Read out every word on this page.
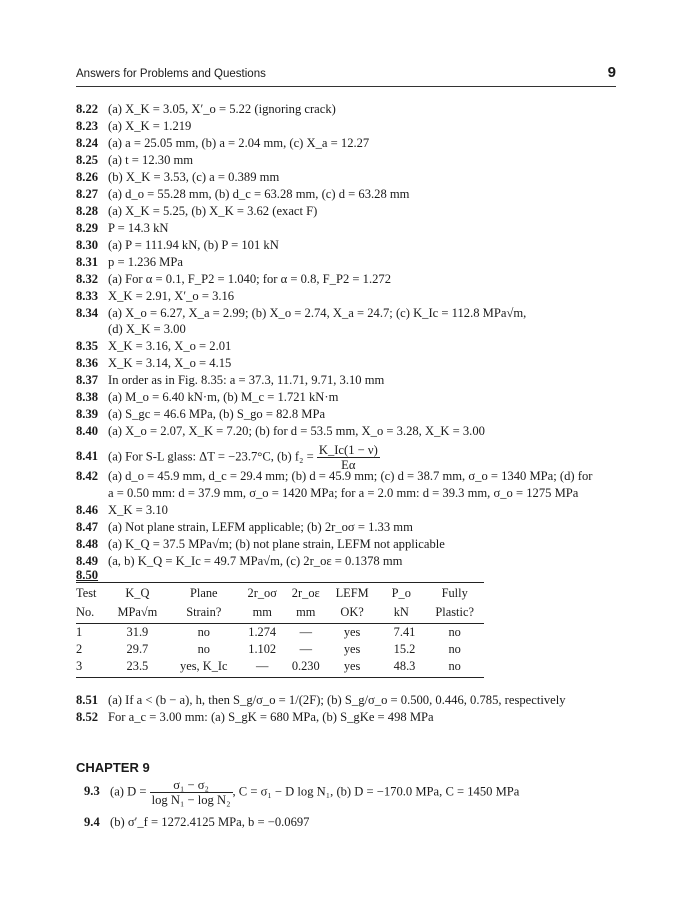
Answers for Problems and Questions	9
8.22 (a) X_K = 3.05, X′_o = 5.22 (ignoring crack)
8.23 (a) X_K = 1.219
8.24 (a) a = 25.05 mm, (b) a = 2.04 mm, (c) X_a = 12.27
8.25 (a) t = 12.30 mm
8.26 (b) X_K = 3.53, (c) a = 0.389 mm
8.27 (a) d_o = 55.28 mm, (b) d_c = 63.28 mm, (c) d = 63.28 mm
8.28 (a) X_K = 5.25, (b) X_K = 3.62 (exact F)
8.29 P = 14.3 kN
8.30 (a) P = 111.94 kN, (b) P = 101 kN
8.31 p = 1.236 MPa
8.32 (a) For α = 0.1, F_P2 = 1.040; for α = 0.8, F_P2 = 1.272
8.33 X_K = 2.91, X′_o = 3.16
8.34 (a) X_o = 6.27, X_a = 2.99; (b) X_o = 2.74, X_a = 24.7; (c) K_Ic = 112.8 MPa√m,
(d) X_K = 3.00
8.35 X_K = 3.16, X_o = 2.01
8.36 X_K = 3.14, X_o = 4.15
8.37 In order as in Fig. 8.35: a = 37.3, 11.71, 9.71, 3.10 mm
8.38 (a) M_o = 6.40 kN·m, (b) M_c = 1.721 kN·m
8.39 (a) S_gc = 46.6 MPa, (b) S_go = 82.8 MPa
8.40 (a) X_o = 2.07, X_K = 7.20; (b) for d = 53.5 mm, X_o = 3.28, X_K = 3.00
8.41 (a) For S-L glass: ΔT = −23.7°C, (b) $f_2 = \frac{K\_Ic(1 - \nu)}{E\alpha}$
8.42 (a) d_o = 45.9 mm, d_c = 29.4 mm; (b) d = 45.9 mm; (c) d = 38.7 mm, σ_o = 1340 MPa; (d) for
a = 0.50 mm: d = 37.9 mm, σ_o = 1420 MPa; for a = 2.0 mm: d = 39.3 mm, σ_o = 1275 MPa
8.46 X_K = 3.10
8.47 (a) Not plane strain, LEFM applicable; (b) 2r_oσ = 1.33 mm
8.48 (a) K_Q = 37.5 MPa√m; (b) not plane strain, LEFM not applicable
8.49 (a, b) K_Q = K_Ic = 49.7 MPa√m, (c) 2r_oε = 0.1378 mm
8.50
Test	K_Q	Plane	2r_oσ	2r_oε	LEFM	P_o	Fully
No.	MPa√m	Strain?	mm	mm	OK?	kN	Plastic?
1	31.9	no	1.274	—	yes	7.41	no
2	29.7	no	1.102	—	yes	15.2	no
3	23.5	yes, K_Ic	—	0.230	yes	48.3	no
8.51 (a) If a < (b − a), h, then S_g/σ_o = 1/(2F); (b) S_g/σ_o = 0.500, 0.446, 0.785, respectively
8.52 For a_c = 3.00 mm: (a) S_gK = 680 MPa, (b) S_gKe = 498 MPa
CHAPTER 9
9.3 (a) $D = \frac{\text{σ₁ − σ₂}}{\text{log N₁ − log N₂}}$ , C = σ₁ − D log N₁, (b) D = −170.0 MPa, C = 1450 MPa
9.4 (b) σ′_f = 1272.4125 MPa, b = −0.0697
